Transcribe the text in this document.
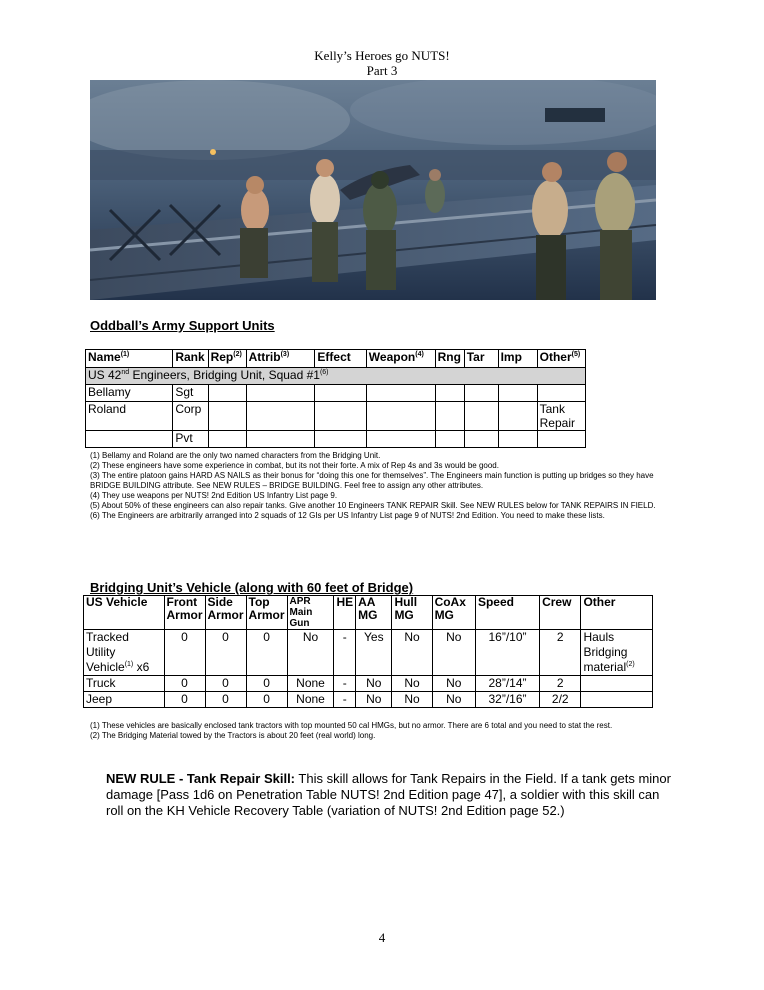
Kelly’s Heroes go NUTS!
Part 3
Oddball’s Army Support Units
Name$^{(1)}$	Rank	Rep$^{(2)}$	Attrib$^{(3)}$	Effect	Weapon$^{(4)}$	Rng	Tar	Imp	Other$^{(5)}$
US 42nd Engineers, Bridging Unit, Squad #1$^{(6)}$
Bellamy	Sgt								
Roland	Corp								Tank Repair
	Pvt								

(1) Bellamy and Roland are the only two named characters from the Bridging Unit.

(2) These engineers have some experience in combat, but its not their forte. A mix of Rep 4s and 3s would be good.

(3) The entire platoon gains HARD AS NAILS as their bonus for “doing this one for themselves”. The Engineers main function is putting up bridges so they have BRIDGE BUILDING attribute. See NEW RULES – BRIDGE BUILDING. Feel free to assign any other attributes.

(4) They use weapons per NUTS! 2nd Edition US Infantry List page 9.

(5) About 50% of these engineers can also repair tanks. Give another 10 Engineers TANK REPAIR Skill. See NEW RULES below for TANK REPAIRS IN FIELD.

(6) The Engineers are arbitrarily arranged into 2 squads of 12 GIs per US Infantry List page 9 of NUTS! 2nd Edition. You need to make these lists.

Bridging Unit’s Vehicle (along with 60 feet of Bridge)
US Vehicle	Front Armor	Side Armor	Top Armor	APR Main Gun	HE	AA MG	Hull MG	CoAx MG	Speed	Crew	Other
Tracked Utility Vehicle$^{(1)}$ x6	0	0	0	No	-	Yes	No	No	16”/10”	2	Hauls Bridging material$^{(2)}$
Truck	0	0	0	None	-	No	No	No	28”/14”	2	
Jeep	0	0	0	None	-	No	No	No	32”/16”	2/2	

(1) These vehicles are basically enclosed tank tractors with top mounted 50 cal HMGs, but no armor. There are 6 total and you need to stat the rest.

(2) The Bridging Material towed by the Tractors is about 20 feet (real world) long.

NEW RULE - Tank Repair Skill: This skill allows for Tank Repairs in the Field. If a tank gets minor damage [Pass 1d6 on Penetration Table NUTS! 2nd Edition page 47], a soldier with this skill can roll on the KH Vehicle Recovery Table (variation of NUTS! 2nd Edition page 52.)
4
